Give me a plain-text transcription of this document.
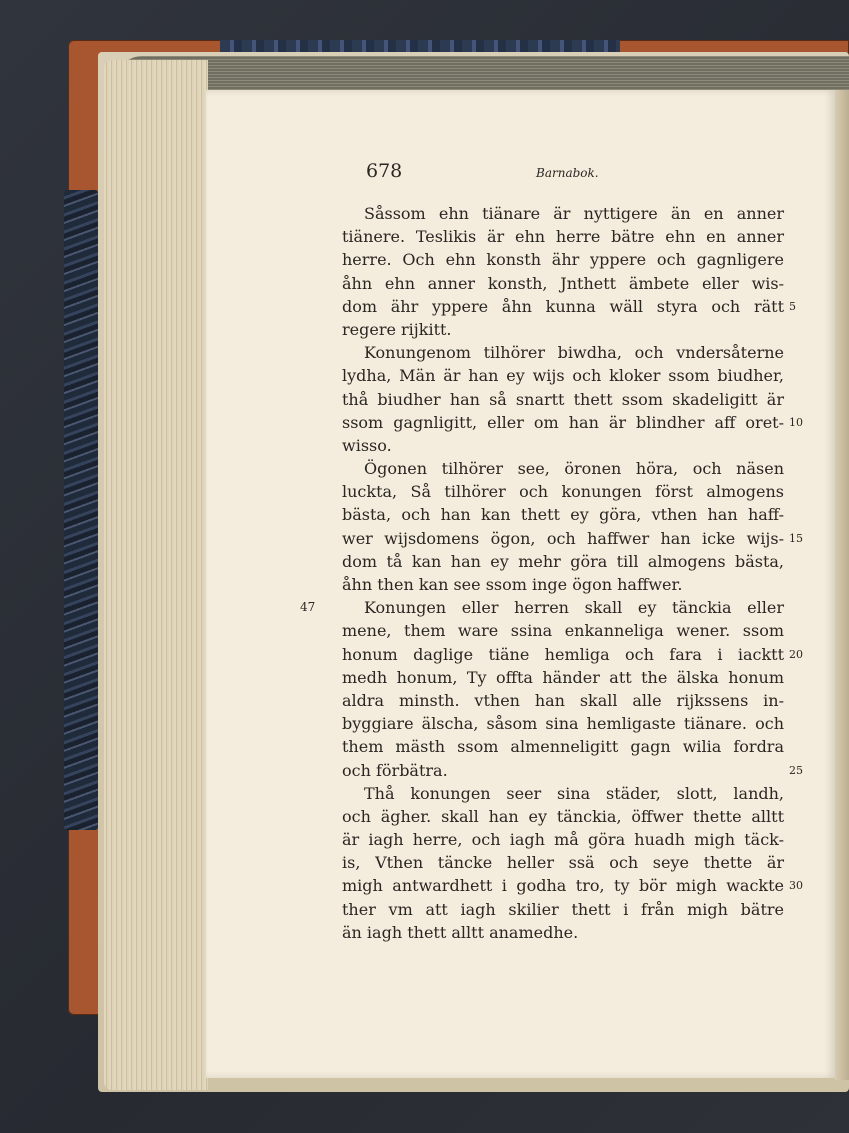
678	Barnabok.
Såssom ehn tiänare är nyttigere än en anner
tiänere. Teslikis är ehn herre bätre ehn en anner
herre. Och ehn konsth ähr yppere och gagnligere
åhn ehn anner konsth, Jnthett ämbete eller wis-
dom ähr yppere åhn kunna wäll styra och rätt 5
regere rijkitt.
Konungenom tilhörer biwdha, och vndersåterne
lydha, Män är han ey wijs och kloker ssom biudher,
thå biudher han så snartt thett ssom skadeligitt är
ssom gagnligitt, eller om han är blindher aff oret- 10
wisso.
Ögonen tilhörer see, öronen höra, och näsen
luckta, Så tilhörer och konungen först almogens
bästa, och han kan thett ey göra, vthen han haff-
wer wijsdomens ögon, och haffwer han icke wijs- 15
dom tå kan han ey mehr göra till almogens bästa,
åhn then kan see ssom inge ögon haffwer.
Konungen eller herren skall ey tänckia eller
47
mene, them ware ssina enkanneliga wener. ssom
honum daglige tiäne hemliga och fara i iacktt 20
medh honum, Ty offta händer att the älska honum
aldra minsth. vthen han skall alle rijkssens in-
byggiare älscha, såsom sina hemligaste tiänare. och
them mästh ssom almenneligitt gagn wilia fordra
och förbätra.	25
Thå konungen seer sina städer, slott, landh,
och ägher. skall han ey tänckia, öffwer thette alltt
är iagh herre, och iagh må göra huadh migh täck-
is, Vthen täncke heller ssä och seye thette är
migh antwardhett i godha tro, ty bör migh wackte 30
ther vm att iagh skilier thett i från migh bätre
än iagh thett alltt anamedhe.
